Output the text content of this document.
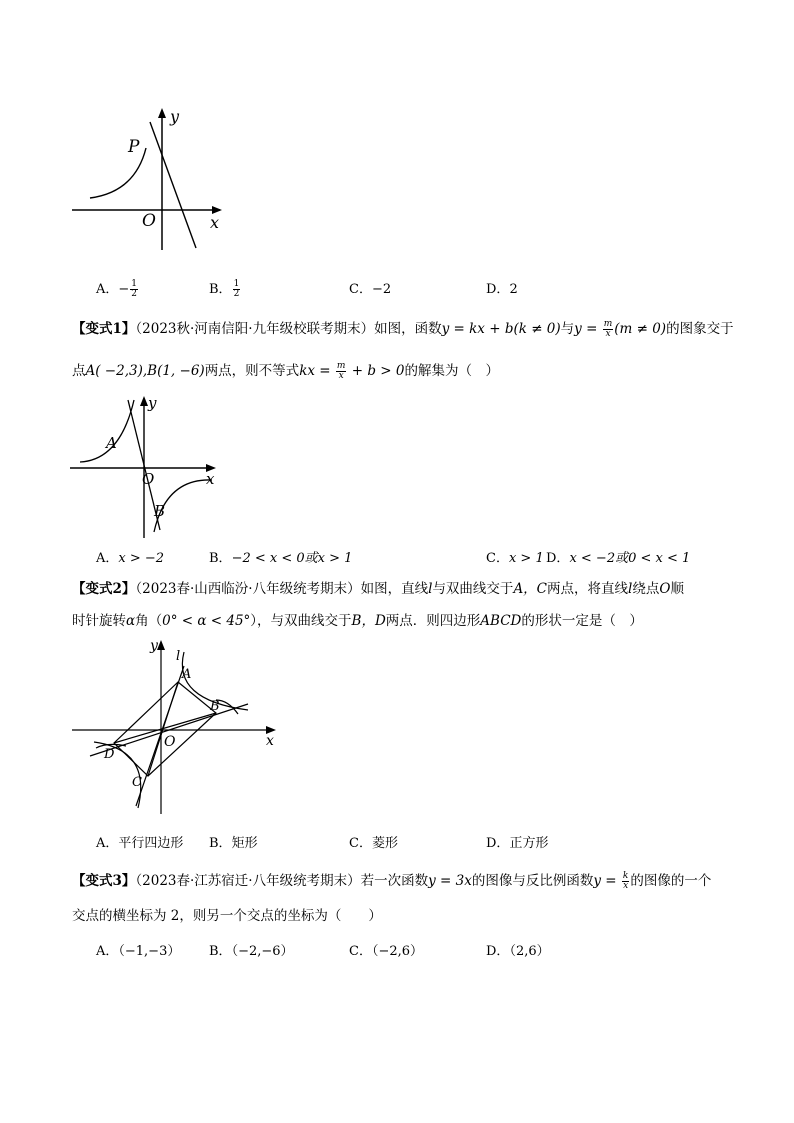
y
x
O
P
A．− $\frac{1}{2}$	B． $\frac{1}{2}$	C．−2	D．2
【变式1】（2023秋·河南信阳·九年级校联考期末）如图，函数y = kx + b(k ≠ 0)与$y = \frac{m}{x} (m \ne 0)$的图象交于
点A( −2,3),B(1, −6)两点，则不等式kx = $\frac{m}{x} + b > 0$的解集为（　）
y
x
O
A
B
A．x > −2	B．−2 < x < 0或x > 1	C．x > 1 D．x < −2或0 < x < 1
【变式2】（2023春·山西临汾·八年级统考期末）如图，直线l与双曲线交于A，C两点，将直线l绕点O顺
时针旋转α角（0° < α < 45°），与双曲线交于B，D两点．则四边形ABCD的形状一定是（　）
y
x
O
l
A
B
C
D
A．平行四边形 B．矩形	C．菱形	D．正方形
【变式3】（2023春·江苏宿迁·八年级统考期末）若一次函数y = 3x的图像与反比例函数$y = \frac{k}{x}$ 的图像的一个
交点的横坐标为 2，则另一个交点的坐标为（　　）
A．（−1,−3） B．（−2,−6）	C．（−2,6）	D．（2,6）
